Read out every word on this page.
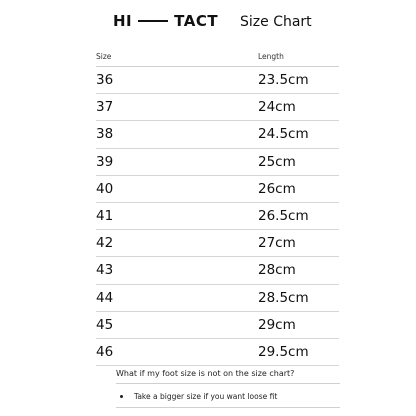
HI	TACT Size Chart
Size	Length
36	23.5cm
37	24cm
38	24.5cm
39	25cm
40	26cm
41	26.5cm
42	27cm
43	28cm
44	28.5cm
45	29cm
46	29.5cm
What if my foot size is not on the size chart?
Take a bigger size if you want loose fit
